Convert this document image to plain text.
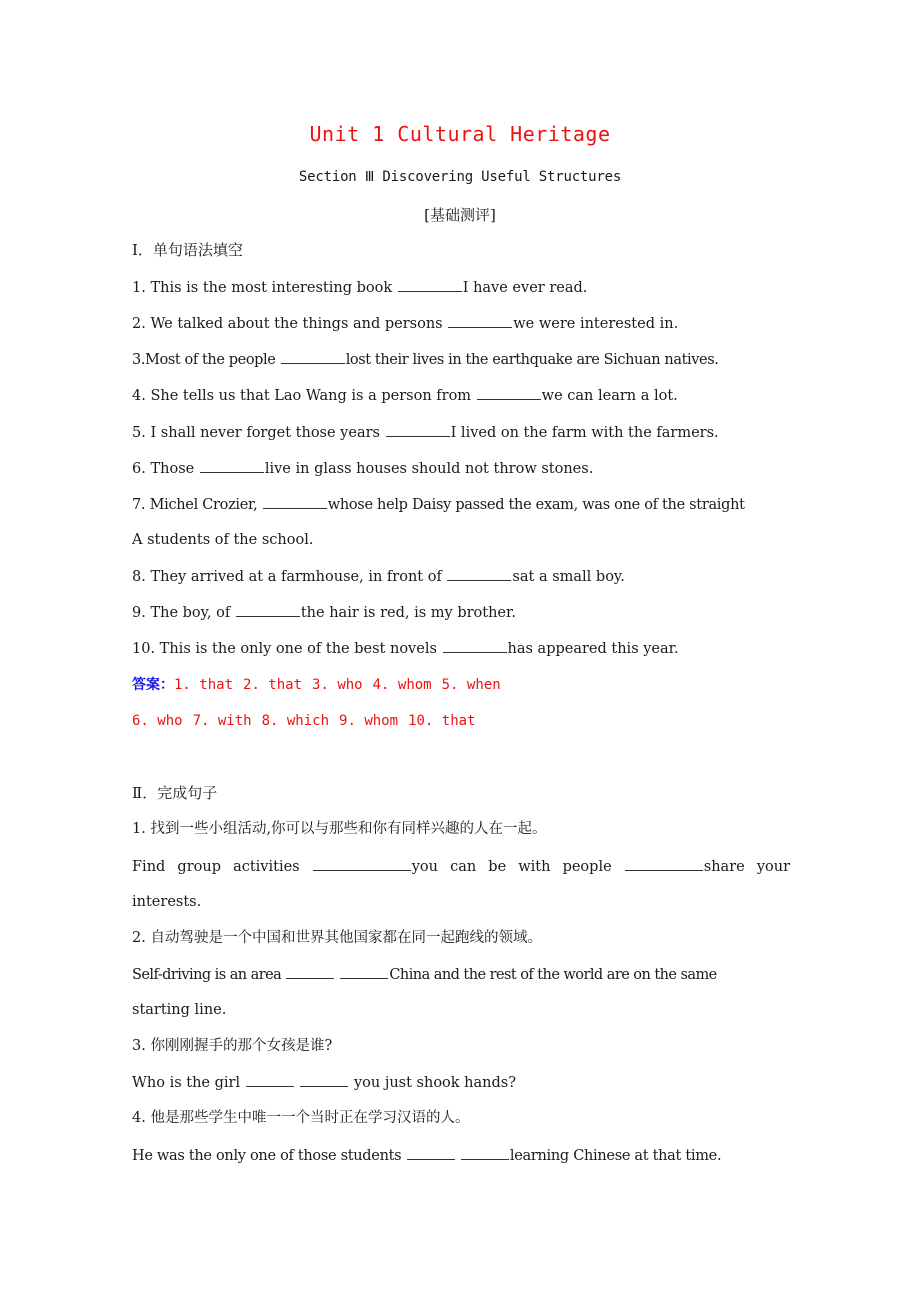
Unit 1 Cultural Heritage
Section Ⅲ Discovering Useful Structures
[基础测评]
Ⅰ．单句语法填空
1. This is the most interesting book	I have ever read.
2. We talked about the things and persons	we were interested in.
3.Most of the people	lost their lives in the earthquake are Sichuan natives.
4. She tells us that Lao Wang is a person from	we can learn a lot.
5. I shall never forget those years	I lived on the farm with the farmers.
6. Those	live in glass houses should not throw stones.
7. Michel Crozier,	whose help Daisy passed the exam, was one of the straight
A students of the school.
8. They arrived at a farmhouse, in front of	sat a small boy.
9. The boy, of	the hair is red, is my brother.
10. This is the only one of the best novels	has appeared this year.
答案：1. that 2. that 3. who 4. whom 5. when
6. who 7. with 8. which 9. whom 10. that
Ⅱ．完成句子
1. 找到一些小组活动,你可以与那些和你有同样兴趣的人在一起。
Find group activities	you can be with people	share your
interests.
2. 自动驾驶是一个中国和世界其他国家都在同一起跑线的领域。
Self-driving is an area	China and the rest of the world are on the same
starting line.
3. 你刚刚握手的那个女孩是谁?
Who is the girl	you just shook hands?
4. 他是那些学生中唯一一个当时正在学习汉语的人。
He was the only one of those students	learning Chinese at that time.
